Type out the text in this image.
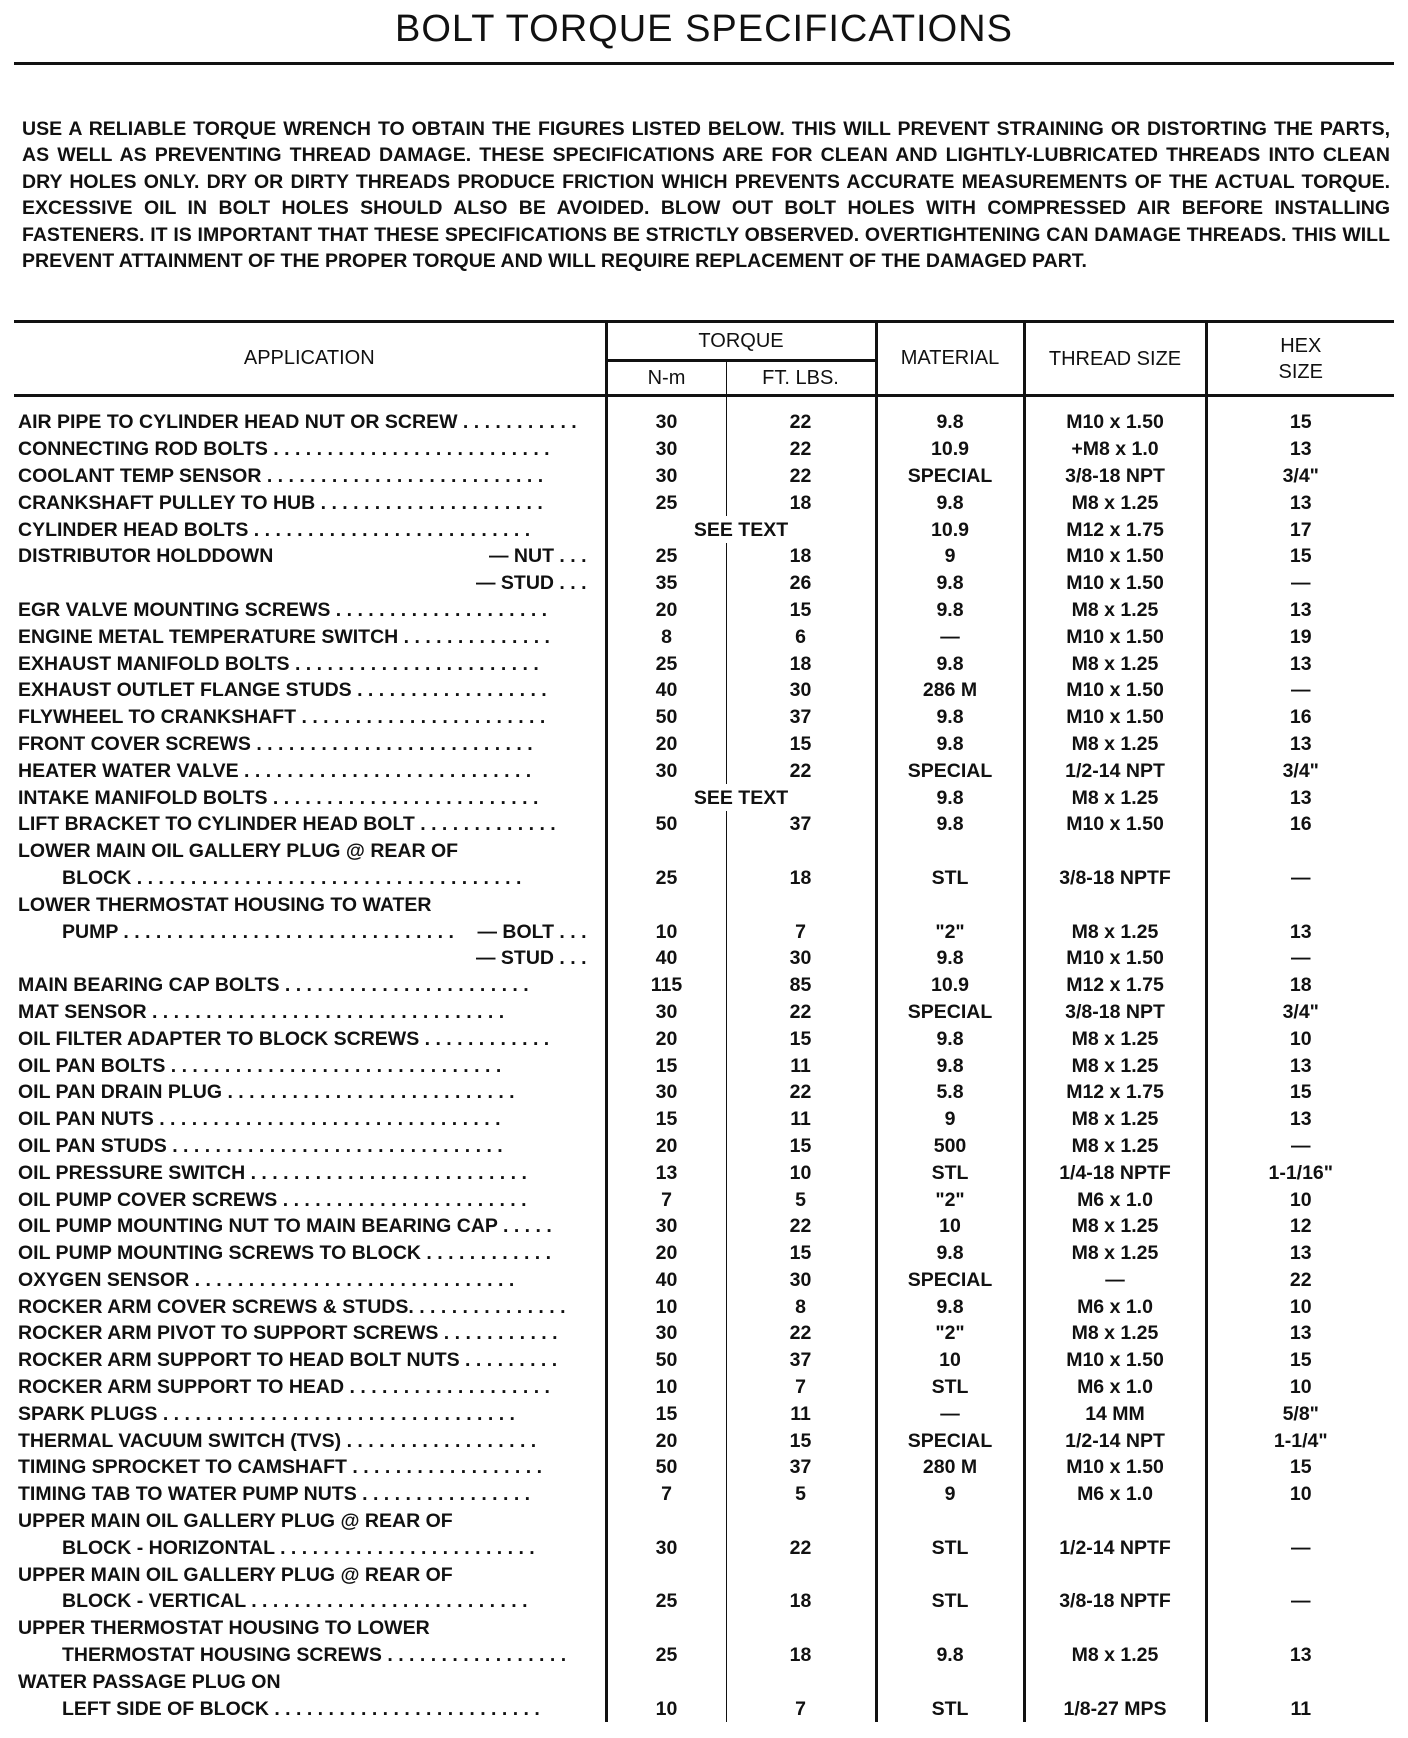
BOLT TORQUE SPECIFICATIONS

USE A RELIABLE TORQUE WRENCH TO OBTAIN THE FIGURES LISTED BELOW. THIS WILL PREVENT STRAINING OR DISTORTING THE PARTS, AS WELL AS PREVENTING THREAD DAMAGE. THESE SPECIFICATIONS ARE FOR CLEAN AND LIGHTLY-LUBRICATED THREADS INTO CLEAN DRY HOLES ONLY. DRY OR DIRTY THREADS PRODUCE FRICTION WHICH PREVENTS ACCURATE MEASUREMENTS OF THE ACTUAL TORQUE. EXCESSIVE OIL IN BOLT HOLES SHOULD ALSO BE AVOIDED. BLOW OUT BOLT HOLES WITH COMPRESSED AIR BEFORE INSTALLING FASTENERS. IT IS IMPORTANT THAT THESE SPECIFICATIONS BE STRICTLY OBSERVED. OVERTIGHTENING CAN DAMAGE THREADS. THIS WILL PREVENT ATTAINMENT OF THE PROPER TORQUE AND WILL REQUIRE REPLACEMENT OF THE DAMAGED PART.

APPLICATION	TORQUE		MATERIAL	THREAD SIZE	HEX SIZE
	N-m	FT. LBS.			
AIR PIPE TO CYLINDER HEAD NUT OR SCREW . . . . . . . . . . .	30	22	9.8	M10 x 1.50	15
CONNECTING ROD BOLTS . . . . . . . . . . . . . . . . . . . . . . . . . .	30	22	10.9	+M8 x 1.0	13
COOLANT TEMP SENSOR . . . . . . . . . . . . . . . . . . . . . . . . . .	30	22	SPECIAL	3/8-18 NPT	3/4"
CRANKSHAFT PULLEY TO HUB . . . . . . . . . . . . . . . . . . . . .	25	18	9.8	M8 x 1.25	13
CYLINDER HEAD BOLTS . . . . . . . . . . . . . . . . . . . . . . . . . .	SEE TEXT		10.9	M12 x 1.75	17
DISTRIBUTOR HOLDDOWN — NUT . . .	25	18	9	M10 x 1.50	15

— STUD . . .	35	26	9.8	M10 x 1.50	—
EGR VALVE MOUNTING SCREWS . . . . . . . . . . . . . . . . . . . .	20	15	9.8	M8 x 1.25	13
ENGINE METAL TEMPERATURE SWITCH . . . . . . . . . . . . . .	8	6	—	M10 x 1.50	19
EXHAUST MANIFOLD BOLTS . . . . . . . . . . . . . . . . . . . . . . .	25	18	9.8	M8 x 1.25	13
EXHAUST OUTLET FLANGE STUDS . . . . . . . . . . . . . . . . . .	40	30	286 M	M10 x 1.50	—
FLYWHEEL TO CRANKSHAFT . . . . . . . . . . . . . . . . . . . . . . .	50	37	9.8	M10 x 1.50	16
FRONT COVER SCREWS . . . . . . . . . . . . . . . . . . . . . . . . . .	20	15	9.8	M8 x 1.25	13
HEATER WATER VALVE . . . . . . . . . . . . . . . . . . . . . . . . . . .	30	22	SPECIAL	1/2-14 NPT	3/4"
INTAKE MANIFOLD BOLTS . . . . . . . . . . . . . . . . . . . . . . . . .	SEE TEXT		9.8	M8 x 1.25	13
LIFT BRACKET TO CYLINDER HEAD BOLT . . . . . . . . . . . . .	50	37	9.8	M10 x 1.50	16
LOWER MAIN OIL GALLERY PLUG @ REAR OF					
BLOCK . . . . . . . . . . . . . . . . . . . . . . . . . . . . . . . . . . . .	25	18	STL	3/8-18 NPTF	—
LOWER THERMOSTAT HOUSING TO WATER					
PUMP . . . . . . . . . . . . . . . . . . . . . . . . . . . . . . . — BOLT . . .	10	7	"2"	M8 x 1.25	13

— STUD . . .	40	30	9.8	M10 x 1.50	—
MAIN BEARING CAP BOLTS . . . . . . . . . . . . . . . . . . . . . . .	115	85	10.9	M12 x 1.75	18
MAT SENSOR . . . . . . . . . . . . . . . . . . . . . . . . . . . . . . . . .	30	22	SPECIAL	3/8-18 NPT	3/4"
OIL FILTER ADAPTER TO BLOCK SCREWS . . . . . . . . . . . .	20	15	9.8	M8 x 1.25	10
OIL PAN BOLTS . . . . . . . . . . . . . . . . . . . . . . . . . . . . . . .	15	11	9.8	M8 x 1.25	13
OIL PAN DRAIN PLUG . . . . . . . . . . . . . . . . . . . . . . . . . . .	30	22	5.8	M12 x 1.75	15
OIL PAN NUTS . . . . . . . . . . . . . . . . . . . . . . . . . . . . . . . .	15	11	9	M8 x 1.25	13
OIL PAN STUDS . . . . . . . . . . . . . . . . . . . . . . . . . . . . . . .	20	15	500	M8 x 1.25	—
OIL PRESSURE SWITCH . . . . . . . . . . . . . . . . . . . . . . . . . .	13	10	STL	1/4-18 NPTF	1-1/16"
OIL PUMP COVER SCREWS . . . . . . . . . . . . . . . . . . . . . . .	7	5	"2"	M6 x 1.0	10
OIL PUMP MOUNTING NUT TO MAIN BEARING CAP . . . . .	30	22	10	M8 x 1.25	12
OIL PUMP MOUNTING SCREWS TO BLOCK . . . . . . . . . . . .	20	15	9.8	M8 x 1.25	13
OXYGEN SENSOR . . . . . . . . . . . . . . . . . . . . . . . . . . . . . .	40	30	SPECIAL	—	22
ROCKER ARM COVER SCREWS & STUDS. . . . . . . . . . . . . . .	10	8	9.8	M6 x 1.0	10
ROCKER ARM PIVOT TO SUPPORT SCREWS . . . . . . . . . . .	30	22	"2"	M8 x 1.25	13
ROCKER ARM SUPPORT TO HEAD BOLT NUTS . . . . . . . . .	50	37	10	M10 x 1.50	15
ROCKER ARM SUPPORT TO HEAD . . . . . . . . . . . . . . . . . . .	10	7	STL	M6 x 1.0	10
SPARK PLUGS . . . . . . . . . . . . . . . . . . . . . . . . . . . . . . . . .	15	11	—	14 MM	5/8"
THERMAL VACUUM SWITCH (TVS) . . . . . . . . . . . . . . . . . .	20	15	SPECIAL	1/2-14 NPT	1-1/4"
TIMING SPROCKET TO CAMSHAFT . . . . . . . . . . . . . . . . . .	50	37	280 M	M10 x 1.50	15
TIMING TAB TO WATER PUMP NUTS . . . . . . . . . . . . . . . .	7	5	9	M6 x 1.0	10
UPPER MAIN OIL GALLERY PLUG @ REAR OF					
BLOCK - HORIZONTAL . . . . . . . . . . . . . . . . . . . . . . . .	30	22	STL	1/2-14 NPTF	—
UPPER MAIN OIL GALLERY PLUG @ REAR OF					
BLOCK - VERTICAL . . . . . . . . . . . . . . . . . . . . . . . . . .	25	18	STL	3/8-18 NPTF	—
UPPER THERMOSTAT HOUSING TO LOWER					
THERMOSTAT HOUSING SCREWS . . . . . . . . . . . . . . . . .	25	18	9.8	M8 x 1.25	13
WATER PASSAGE PLUG ON					
LEFT SIDE OF BLOCK . . . . . . . . . . . . . . . . . . . . . . . . .	10	7	STL	1/8-27 MPS	11
